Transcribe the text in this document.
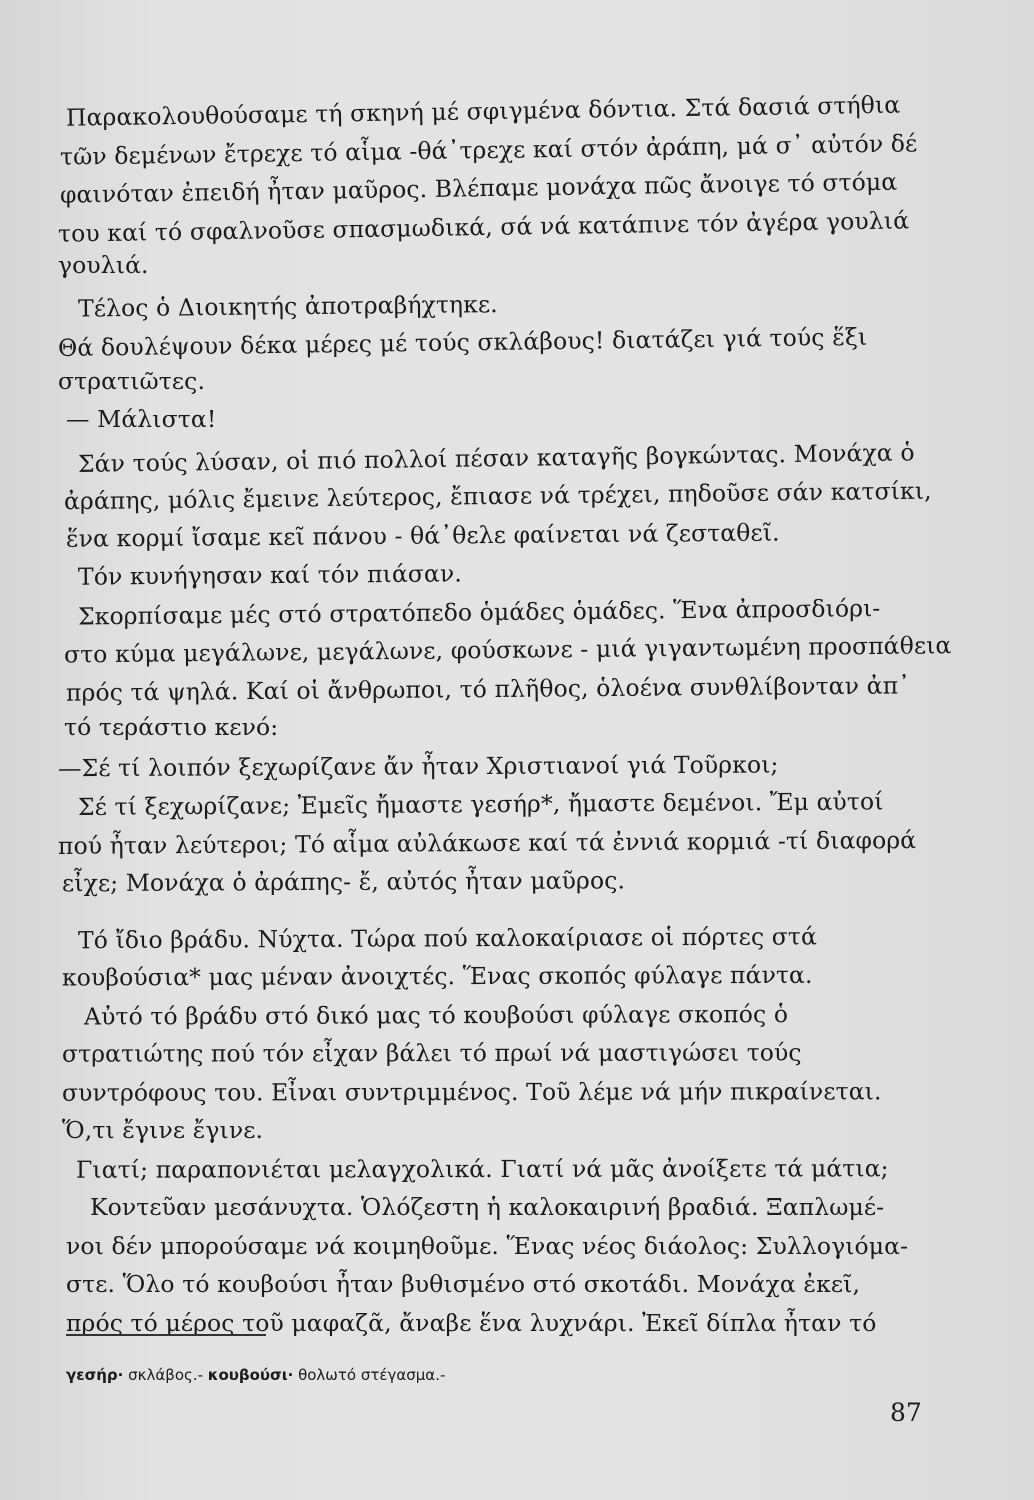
Παρακολουθούσαμε τή σκηνή μέ σφιγμένα δόντια. Στά δασιά στήθια
τῶν δεμένων ἔτρεχε τό αἷμα -θά᾽τρεχε καί στόν ἀράπη, μά σ᾽ αὐτόν δέ
φαινόταν ἐπειδή ἦταν μαῦρος. Βλέπαμε μονάχα πῶς ἄνοιγε τό στόμα
του καί τό σφαλνοῦσε σπασμωδικά, σά νά κατάπινε τόν ἀγέρα γουλιά
γουλιά.
Τέλος ὁ Διοικητής ἀποτραβήχτηκε.
Θά δουλέψουν δέκα μέρες μέ τούς σκλάβους! διατάζει γιά τούς ἕξι
στρατιῶτες.
— Μάλιστα!
Σάν τούς λύσαν, οἱ πιό πολλοί πέσαν καταγῆς βογκώντας. Μονάχα ὁ
ἀράπης, μόλις ἔμεινε λεύτερος, ἔπιασε νά τρέχει, πηδοῦσε σάν κατσίκι,
ἕνα κορμί ἴσαμε κεῖ πάνου - θά᾽θελε φαίνεται νά ζεσταθεῖ.
Τόν κυνήγησαν καί τόν πιάσαν.
Σκορπίσαμε μές στό στρατόπεδο ὁμάδες ὁμάδες. Ἕνα ἀπροσδιόρι-
στο κύμα μεγάλωνε, μεγάλωνε, φούσκωνε - μιά γιγαντωμένη προσπάθεια
πρός τά ψηλά. Καί οἱ ἄνθρωποι, τό πλῆθος, ὁλοένα συνθλίβονταν ἀπ᾽
τό τεράστιο κενό:
—Σέ τί λοιπόν ξεχωρίζανε ἄν ἦταν Χριστιανοί γιά Τοῦρκοι;
Σέ τί ξεχωρίζανε; Ἐμεῖς ἤμαστε γεσήρ*, ἤμαστε δεμένοι. Ἔμ αὐτοί
πού ἦταν λεύτεροι; Τό αἷμα αὐλάκωσε καί τά ἐννιά κορμιά -τί διαφορά
εἶχε; Μονάχα ὁ ἀράπης- ἔ, αὐτός ἦταν μαῦρος.
Τό ἴδιο βράδυ. Νύχτα. Τώρα πού καλοκαίριασε οἱ πόρτες στά
κουβούσια* μας μέναν ἀνοιχτές. Ἕνας σκοπός φύλαγε πάντα.
Αὐτό τό βράδυ στό δικό μας τό κουβούσι φύλαγε σκοπός ὁ
στρατιώτης πού τόν εἶχαν βάλει τό πρωί νά μαστιγώσει τούς
συντρόφους του. Εἶναι συντριμμένος. Τοῦ λέμε νά μήν πικραίνεται.
Ὅ,τι ἔγινε ἔγινε.
Γιατί; παραπονιέται μελαγχολικά. Γιατί νά μᾶς ἀνοίξετε τά μάτια;
Κοντεῦαν μεσάνυχτα. Ὁλόζεστη ἡ καλοκαιρινή βραδιά. Ξαπλωμέ-
νοι δέν μπορούσαμε νά κοιμηθοῦμε. Ἕνας νέος διάολος: Συλλογιόμα-
στε. Ὅλο τό κουβούσι ἦταν βυθισμένο στό σκοτάδι. Μονάχα ἐκεῖ,
πρός τό μέρος τοῦ μαφαζᾶ, ἄναβε ἕνα λυχνάρι. Ἐκεῖ δίπλα ἦταν τό
γεσήρ· σκλάβος.- κουβούσι· θολωτό στέγασμα.-
87
